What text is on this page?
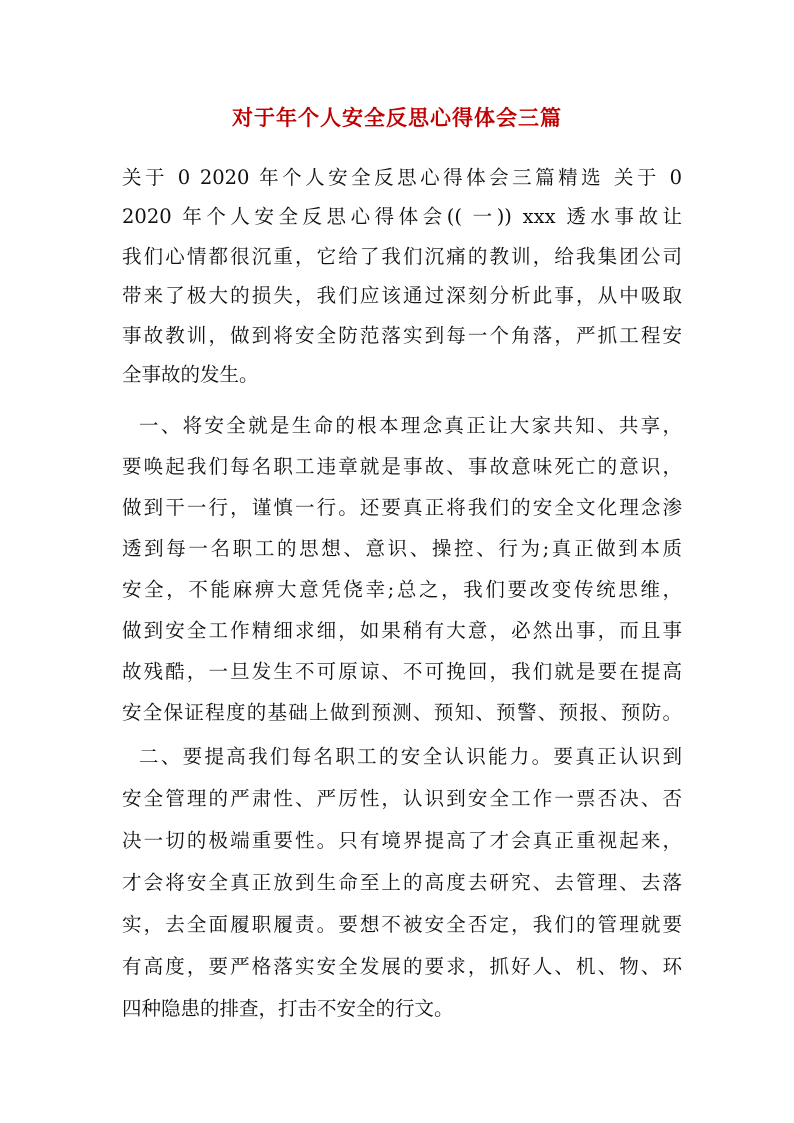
对于年个人安全反思心得体会三篇
关于 0 2020 年个人安全反思心得体会三篇精选 关于 0
2020 年个人安全反思心得体会(( 一)) xxx 透水事故让
我们心情都很沉重，它给了我们沉痛的教训，给我集团公司
带来了极大的损失，我们应该通过深刻分析此事，从中吸取
事故教训，做到将安全防范落实到每一个角落，严抓工程安
全事故的发生。
一、将安全就是生命的根本理念真正让大家共知、共享，
要唤起我们每名职工违章就是事故、事故意味死亡的意识，
做到干一行，谨慎一行。还要真正将我们的安全文化理念渗
透到每一名职工的思想、意识、操控、行为;真正做到本质
安全，不能麻痹大意凭侥幸;总之，我们要改变传统思维，
做到安全工作精细求细，如果稍有大意，必然出事，而且事
故残酷，一旦发生不可原谅、不可挽回，我们就是要在提高
安全保证程度的基础上做到预测、预知、预警、预报、预防。
二、要提高我们每名职工的安全认识能力。要真正认识到
安全管理的严肃性、严厉性，认识到安全工作一票否决、否
决一切的极端重要性。只有境界提高了才会真正重视起来，
才会将安全真正放到生命至上的高度去研究、去管理、去落
实，去全面履职履责。要想不被安全否定，我们的管理就要
有高度，要严格落实安全发展的要求，抓好人、机、物、环
四种隐患的排查，打击不安全的行文。
